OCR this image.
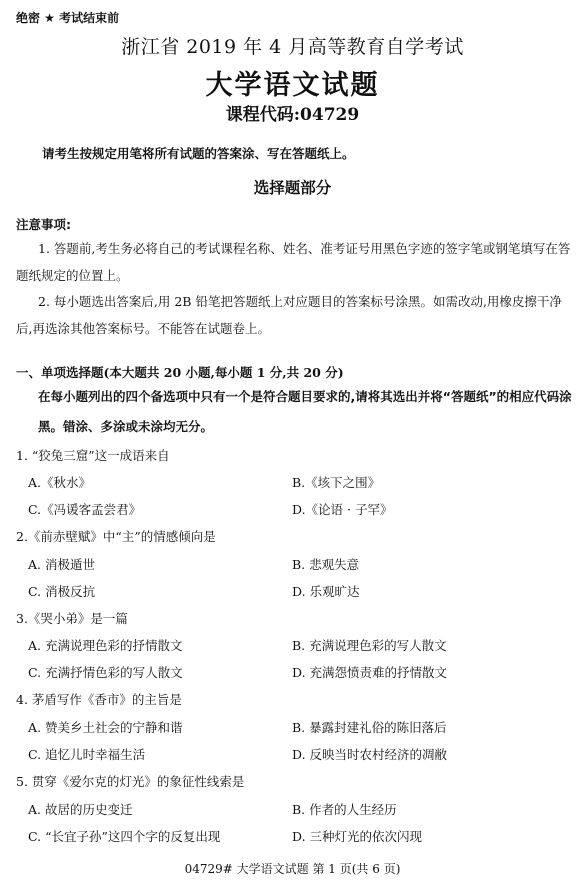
绝密 ★ 考试结束前
浙江省 2019 年 4 月高等教育自学考试
大学语文试题
课程代码:04729
请考生按规定用笔将所有试题的答案涂、写在答题纸上。
选择题部分
注意事项:
1. 答题前,考生务必将自己的考试课程名称、姓名、准考证号用黑色字迹的签字笔或钢笔填写在答题纸规定的位置上。
2. 每小题选出答案后,用 2B 铅笔把答题纸上对应题目的答案标号涂黑。如需改动,用橡皮擦干净后,再选涂其他答案标号。不能答在试题卷上。
一、单项选择题(本大题共 20 小题,每小题 1 分,共 20 分)
在每小题列出的四个备选项中只有一个是符合题目要求的,请将其选出并将“答题纸”的相应代码涂黑。错涂、多涂或未涂均无分。
1. “狡兔三窟”这一成语来自
A.《秋水》	B.《垓下之围》
C.《冯谖客孟尝君》	D.《论语 · 子罕》
2.《前赤壁赋》中“主”的情感倾向是
A. 消极遁世	B. 悲观失意
C. 消极反抗	D. 乐观旷达
3.《哭小弟》是一篇
A. 充满说理色彩的抒情散文	B. 充满说理色彩的写人散文
C. 充满抒情色彩的写人散文	D. 充满怨愤责难的抒情散文
4. 茅盾写作《香市》的主旨是
A. 赞美乡土社会的宁静和谐	B. 暴露封建礼俗的陈旧落后
C. 追忆儿时幸福生活	D. 反映当时农村经济的凋敝
5. 贯穿《爱尔克的灯光》的象征性线索是
A. 故居的历史变迁	B. 作者的人生经历
C. “长宜子孙”这四个字的反复出现	D. 三种灯光的依次闪现
04729# 大学语文试题 第 1 页(共 6 页)
